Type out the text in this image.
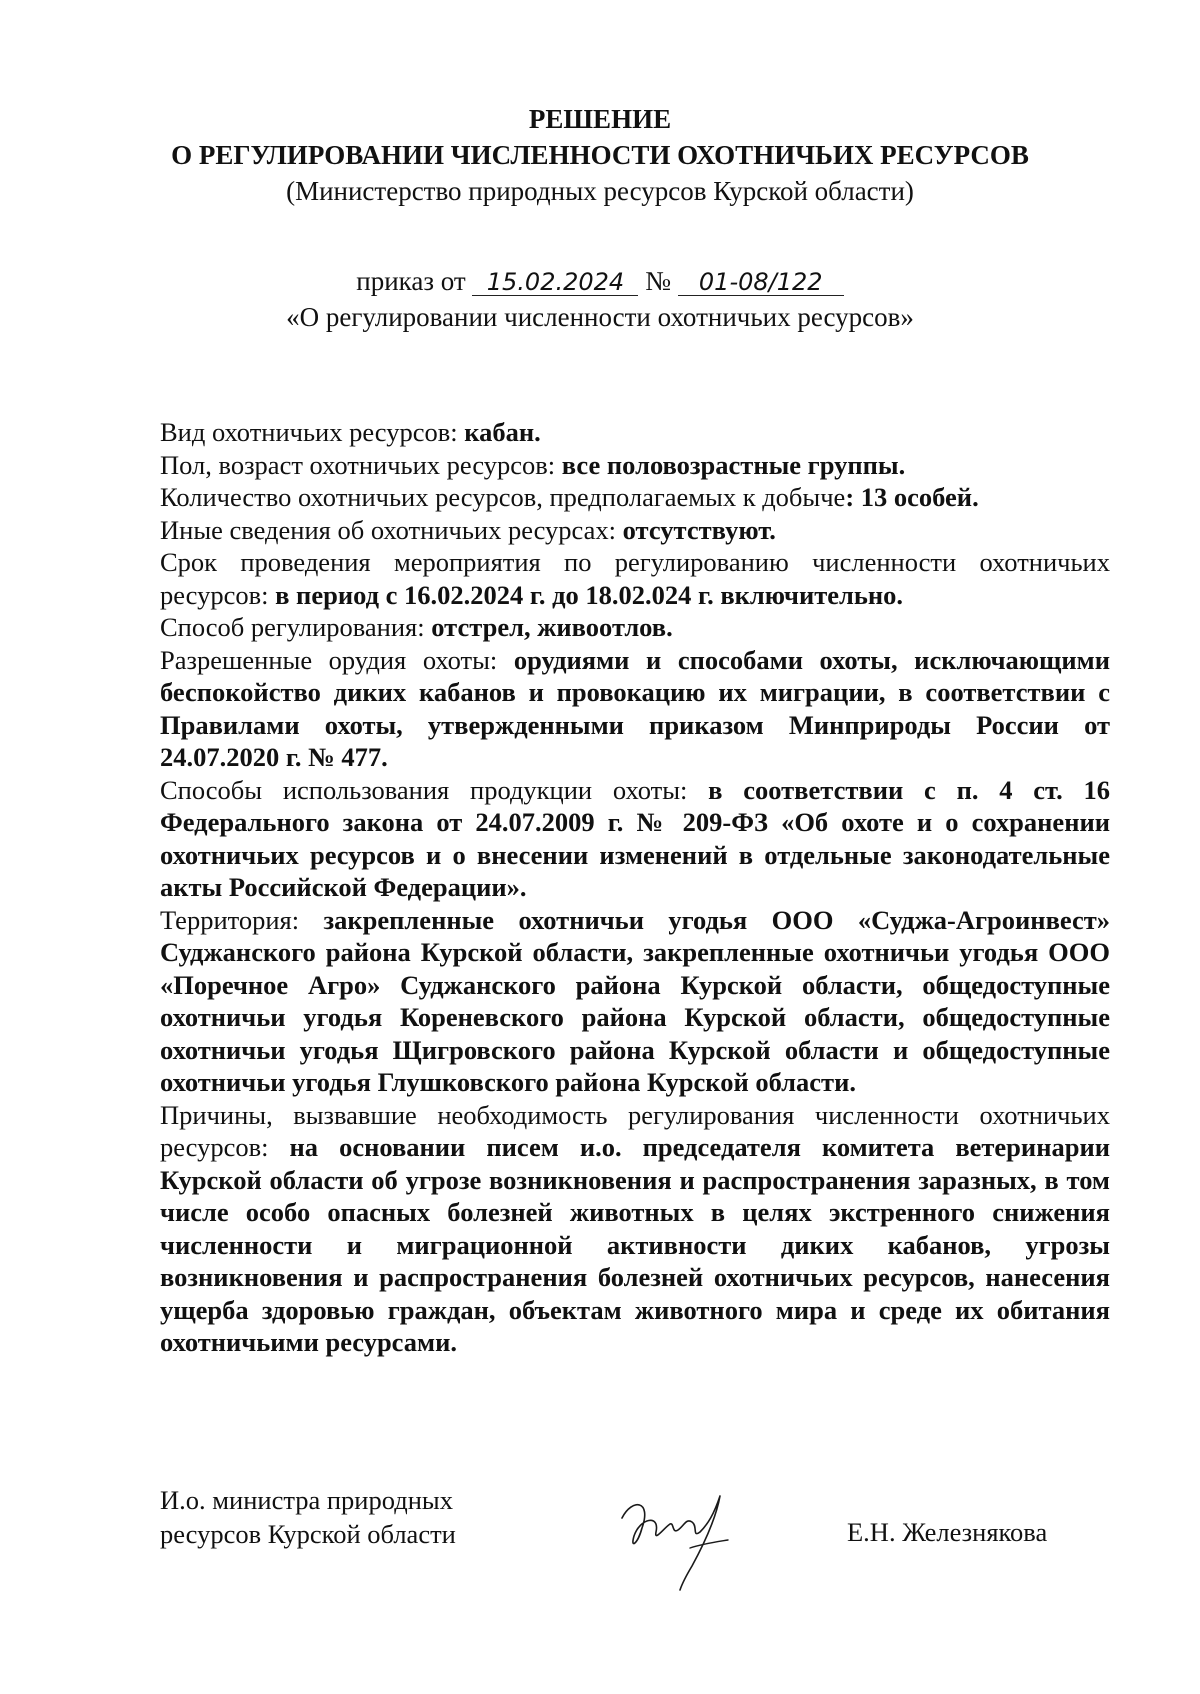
РЕШЕНИЕ
О РЕГУЛИРОВАНИИ ЧИСЛЕННОСТИ ОХОТНИЧЬИХ РЕСУРСОВ
(Министерство природных ресурсов Курской области)
приказ от 15.02.2024 № 01-08/122
«О регулировании численности охотничьих ресурсов»

Вид охотничьих ресурсов: кабан.

Пол, возраст охотничьих ресурсов: все половозрастные группы.

Количество охотничьих ресурсов, предполагаемых к добыче: 13 особей.

Иные сведения об охотничьих ресурсах: отсутствуют.

Срок проведения мероприятия по регулированию численности охотничьих ресурсов: в период с 16.02.2024 г. до 18.02.024 г. включительно.

Способ регулирования: отстрел, живоотлов.

Разрешенные орудия охоты: орудиями и способами охоты, исключающими беспокойство диких кабанов и провокацию их миграции, в соответствии с Правилами охоты, утвержденными приказом Минприроды России от 24.07.2020 г. № 477.

Способы использования продукции охоты: в соответствии с п. 4 ст. 16 Федерального закона от 24.07.2009 г. № 209-ФЗ «Об охоте и о сохранении охотничьих ресурсов и о внесении изменений в отдельные законодательные акты Российской Федерации».

Территория: закрепленные охотничьи угодья ООО «Суджа-Агроинвест» Суджанского района Курской области, закрепленные охотничьи угодья ООО «Поречное Агро» Суджанского района Курской области, общедоступные охотничьи угодья Кореневского района Курской области, общедоступные охотничьи угодья Щигровского района Курской области и общедоступные охотничьи угодья Глушковского района Курской области.

Причины, вызвавшие необходимость регулирования численности охотничьих ресурсов: на основании писем и.о. председателя комитета ветеринарии Курской области об угрозе возникновения и распространения заразных, в том числе особо опасных болезней животных в целях экстренного снижения численности и миграционной активности диких кабанов, угрозы возникновения и распространения болезней охотничьих ресурсов, нанесения ущерба здоровью граждан, объектам животного мира и среде их обитания охотничьими ресурсами.

И.о. министра природных
ресурсов Курской области	Е.Н. Железнякова
